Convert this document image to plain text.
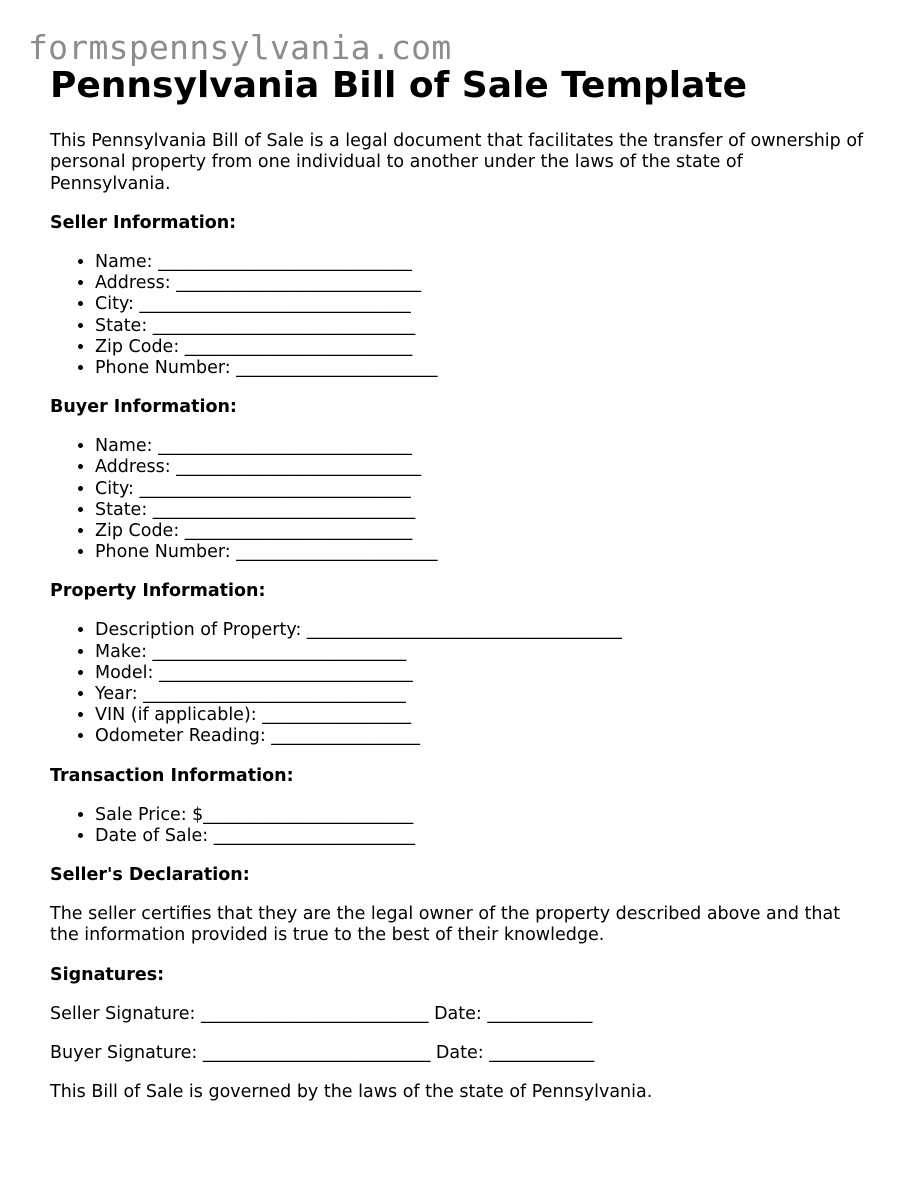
formspennsylvania.com
Pennsylvania Bill of Sale Template

This Pennsylvania Bill of Sale is a legal document that facilitates the transfer of ownership of personal property from one individual to another under the laws of the state of Pennsylvania.

Seller Information:
• Name: _____________________________
• Address: ____________________________
• City: _______________________________
• State: ______________________________
• Zip Code: __________________________
• Phone Number: _______________________
Buyer Information:
• Name: _____________________________
• Address: ____________________________
• City: _______________________________
• State: ______________________________
• Zip Code: __________________________
• Phone Number: _______________________
Property Information:
• Description of Property: ____________________________________
• Make: _____________________________
• Model: _____________________________
• Year: ______________________________
• VIN (if applicable): _________________
• Odometer Reading: _________________
Transaction Information:
• Sale Price: $________________________
• Date of Sale: _______________________
Seller's Declaration:

The seller certifies that they are the legal owner of the property described above and that the information provided is true to the best of their knowledge.

Signatures:

Seller Signature: __________________________ Date: ____________

Buyer Signature: __________________________ Date: ____________

This Bill of Sale is governed by the laws of the state of Pennsylvania.
